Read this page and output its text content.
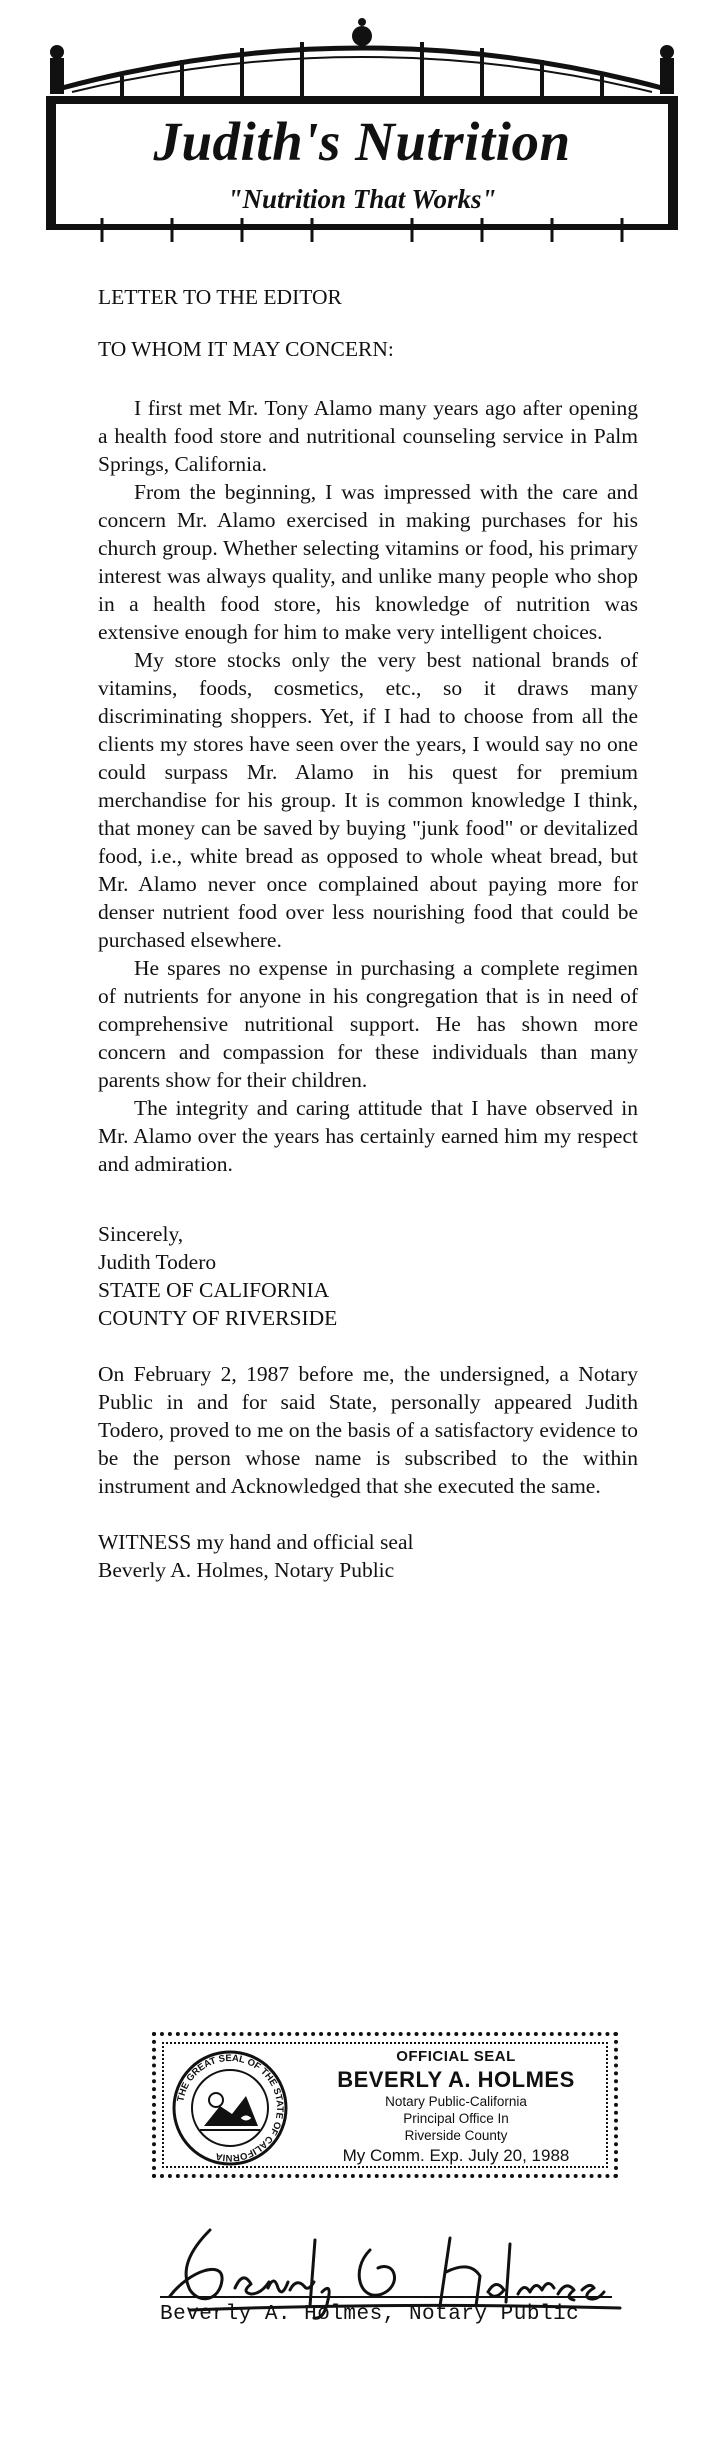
Judith's Nutrition
"Nutrition That Works"

LETTER TO THE EDITOR

TO WHOM IT MAY CONCERN:

I first met Mr. Tony Alamo many years ago after opening a health food store and nutritional counseling service in Palm Springs, California.

From the beginning, I was impressed with the care and concern Mr. Alamo exercised in making purchases for his church group. Whether selecting vitamins or food, his primary interest was always quality, and unlike many people who shop in a health food store, his knowledge of nutrition was extensive enough for him to make very intelligent choices.

My store stocks only the very best national brands of vitamins, foods, cosmetics, etc., so it draws many discriminating shoppers. Yet, if I had to choose from all the clients my stores have seen over the years, I would say no one could surpass Mr. Alamo in his quest for premium merchandise for his group. It is common knowledge I think, that money can be saved by buying "junk food" or devitalized food, i.e., white bread as opposed to whole wheat bread, but Mr. Alamo never once complained about paying more for denser nutrient food over less nourishing food that could be purchased elsewhere.

He spares no expense in purchasing a complete regimen of nutrients for anyone in his congregation that is in need of comprehensive nutritional support. He has shown more concern and compassion for these individuals than many parents show for their children.

The integrity and caring attitude that I have observed in Mr. Alamo over the years has certainly earned him my respect and admiration.

Sincerely,
Judith Todero
STATE OF CALIFORNIA
COUNTY OF RIVERSIDE

On February 2, 1987 before me, the undersigned, a Notary Public in and for said State, personally appeared Judith Todero, proved to me on the basis of a satisfactory evidence to be the person whose name is subscribed to the within instrument and Acknowledged that she executed the same.

WITNESS my hand and official seal
Beverly A. Holmes, Notary Public
THE GREAT SEAL OF THE STATE OF CALIFORNIA
OFFICIAL SEAL
BEVERLY A. HOLMES
Notary Public-California
Principal Office In
Riverside County
My Comm. Exp. July 20, 1988
Beverly A. Holmes, Notary Public
